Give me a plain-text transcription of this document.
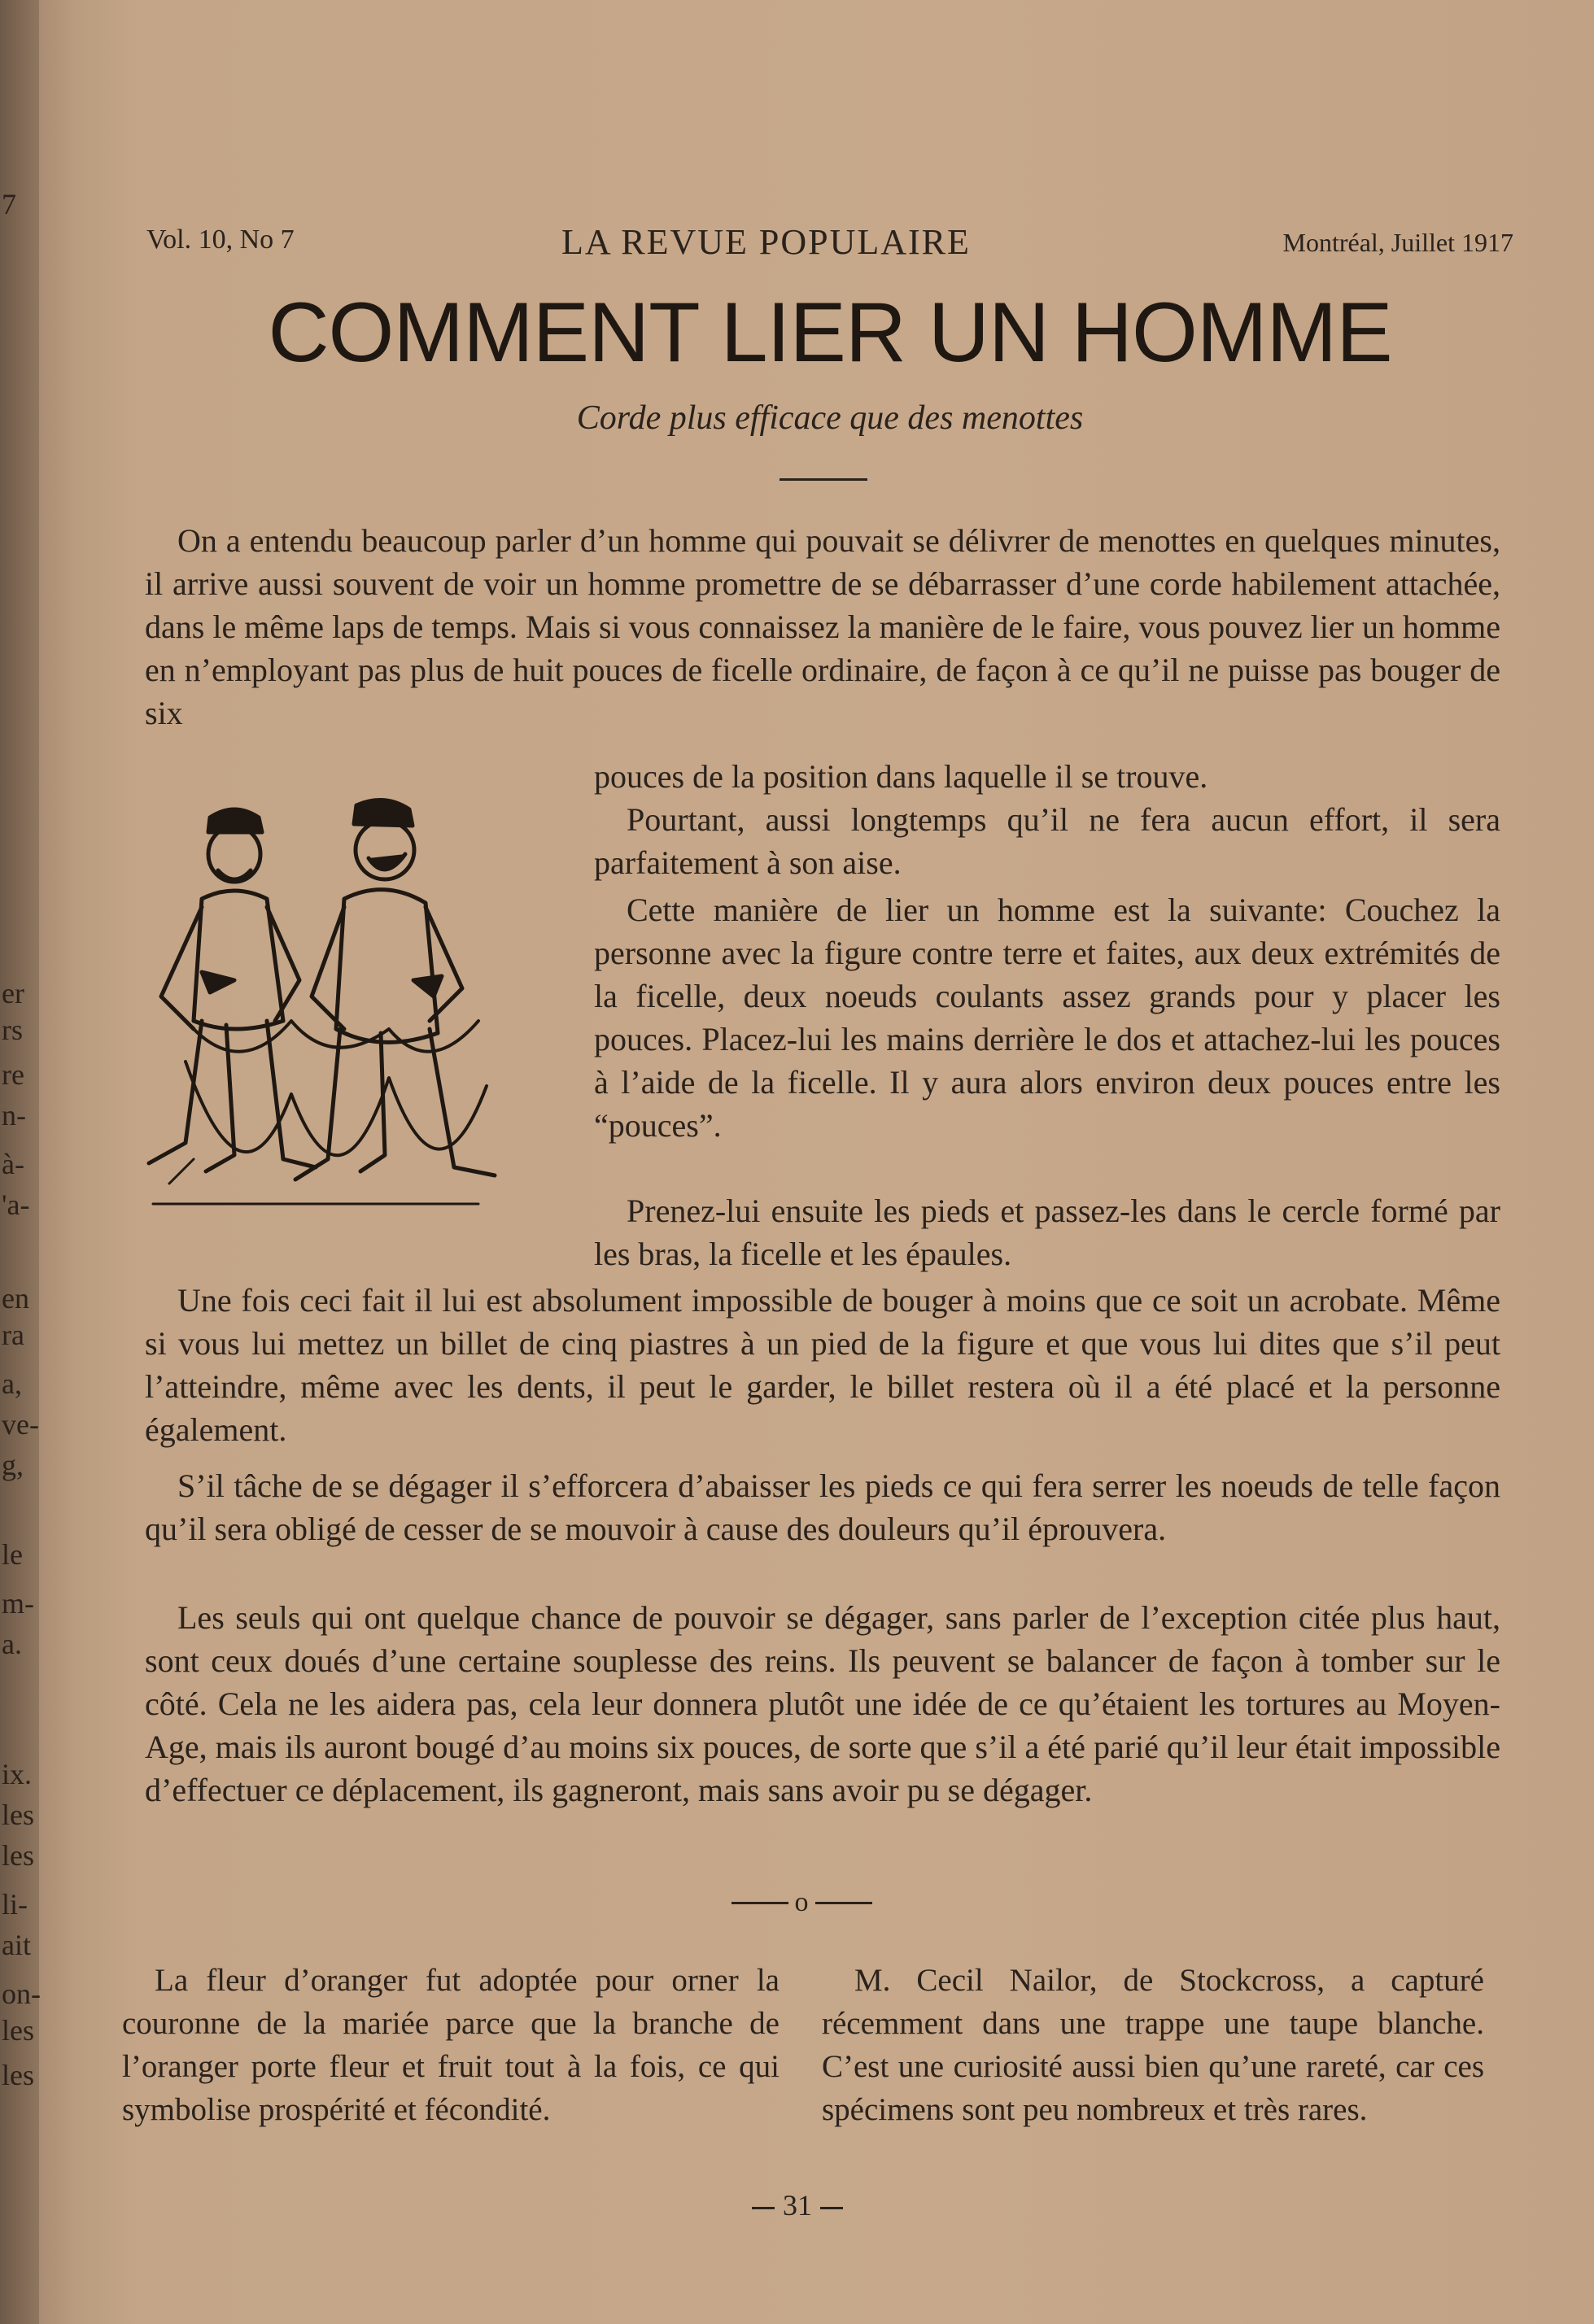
7
er
rs
re
n-
à-
'a-
en
ra
a,
ve-
g,
le
m-
a.
ix.
les
les
li-
ait
on-
les
les
Vol. 10, No 7	LA REVUE POPULAIRE	Montréal, Juillet 1917
COMMENT LIER UN HOMME
Corde plus efficace que des menottes

On a entendu beaucoup parler d’un homme qui pouvait se délivrer de menottes en quelques minutes, il arrive aussi souvent de voir un homme promettre de se débarrasser d’une corde habilement attachée, dans le même laps de temps. Mais si vous connaissez la manière de le faire, vous pouvez lier un homme en n’employant pas plus de huit pouces de ficelle ordinaire, de façon à ce qu’il ne puisse pas bouger de six

pouces de la position dans laquelle il se trouve.

Pourtant, aussi longtemps qu’il ne fera aucun effort, il sera parfaitement à son aise.

Cette manière de lier un homme est la suivante: Couchez la personne avec la figure contre terre et faites, aux deux extrémités de la ficelle, deux noeuds coulants assez grands pour y placer les pouces. Placez-lui les mains derrière le dos et attachez-lui les pouces à l’aide de la ficelle. Il y aura alors environ deux pouces entre les “pouces”.

Prenez-lui ensuite les pieds et passez-les dans le cercle formé par les bras, la ficelle et les épaules.

Une fois ceci fait il lui est absolument impossible de bouger à moins que ce soit un acrobate. Même si vous lui mettez un billet de cinq piastres à un pied de la figure et que vous lui dites que s’il peut l’atteindre, même avec les dents, il peut le garder, le billet restera où il a été placé et la personne également.

S’il tâche de se dégager il s’efforcera d’abaisser les pieds ce qui fera serrer les noeuds de telle façon qu’il sera obligé de cesser de se mouvoir à cause des douleurs qu’il éprouvera.

Les seuls qui ont quelque chance de pouvoir se dégager, sans parler de l’exception citée plus haut, sont ceux doués d’une certaine souplesse des reins. Ils peuvent se balancer de façon à tomber sur le côté. Cela ne les aidera pas, cela leur donnera plutôt une idée de ce qu’étaient les tortures au Moyen-Age, mais ils auront bougé d’au moins six pouces, de sorte que s’il a été parié qu’il leur était impossible d’effectuer ce déplacement, ils gagneront, mais sans avoir pu se dégager.

o

La fleur d’oranger fut adoptée pour orner la couronne de la mariée parce que la branche de l’oranger porte fleur et fruit tout à la fois, ce qui symbolise prospérité et fécondité.

M. Cecil Nailor, de Stockcross, a capturé récemment dans une trappe une taupe blanche. C’est une curiosité aussi bien qu’une rareté, car ces spécimens sont peu nombreux et très rares.

31
